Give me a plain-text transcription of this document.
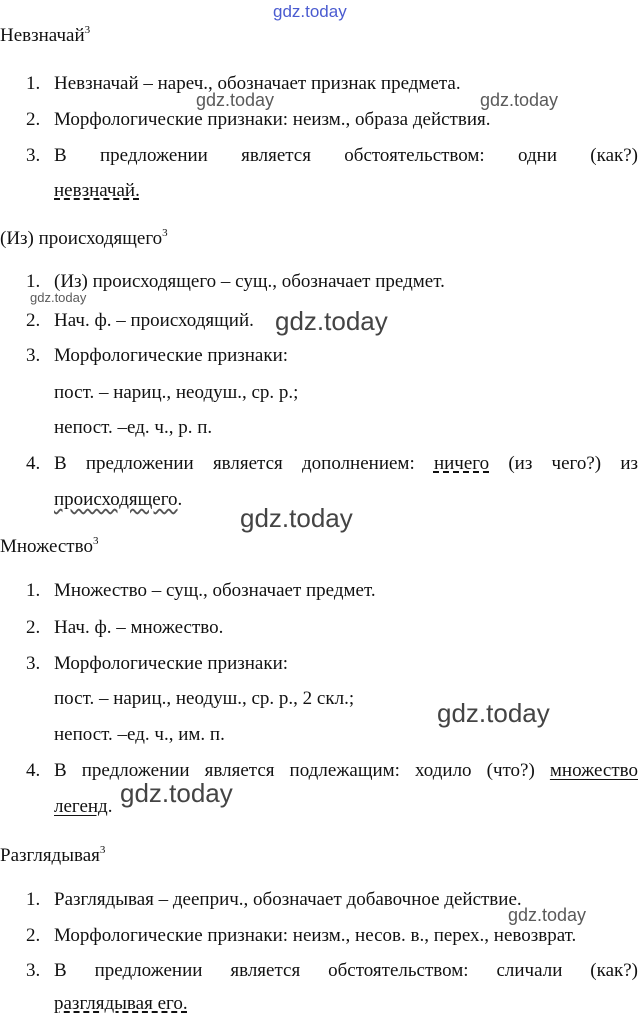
gdz.today
gdz.today	gdz.today
gdz.today
gdz.today
gdz.today
gdz.today
gdz.today
gdz.today
Невзначай$^3$
1. Невзначай – нареч., обозначает признак предмета.
2. Морфологические признаки: неизм., образа действия.
3. В предложении является обстоятельством: одни (как?)
невзначай.
(Из) происходящего$^3$
1. (Из) происходящего – сущ., обозначает предмет.
2. Нач. ф. – происходящий.
3. Морфологические признаки:
пост. – нариц., неодуш., ср. р.;
непост. –ед. ч., р. п.
4. В предложении является дополнением: ничего (из чего?) из
происходящего.
Множество$^3$
1. Множество – сущ., обозначает предмет.
2. Нач. ф. – множество.
3. Морфологические признаки:
пост. – нариц., неодуш., ср. р., 2 скл.;
непост. –ед. ч., им. п.
4. В предложении является подлежащим: ходило (что?) множество
легенд.
Разглядывая$^3$
1. Разглядывая – дееприч., обозначает добавочное действие.
2. Морфологические признаки: неизм., несов. в., перех., невозврат.
3. В предложении является обстоятельством: сличали (как?)
разглядывая его.
